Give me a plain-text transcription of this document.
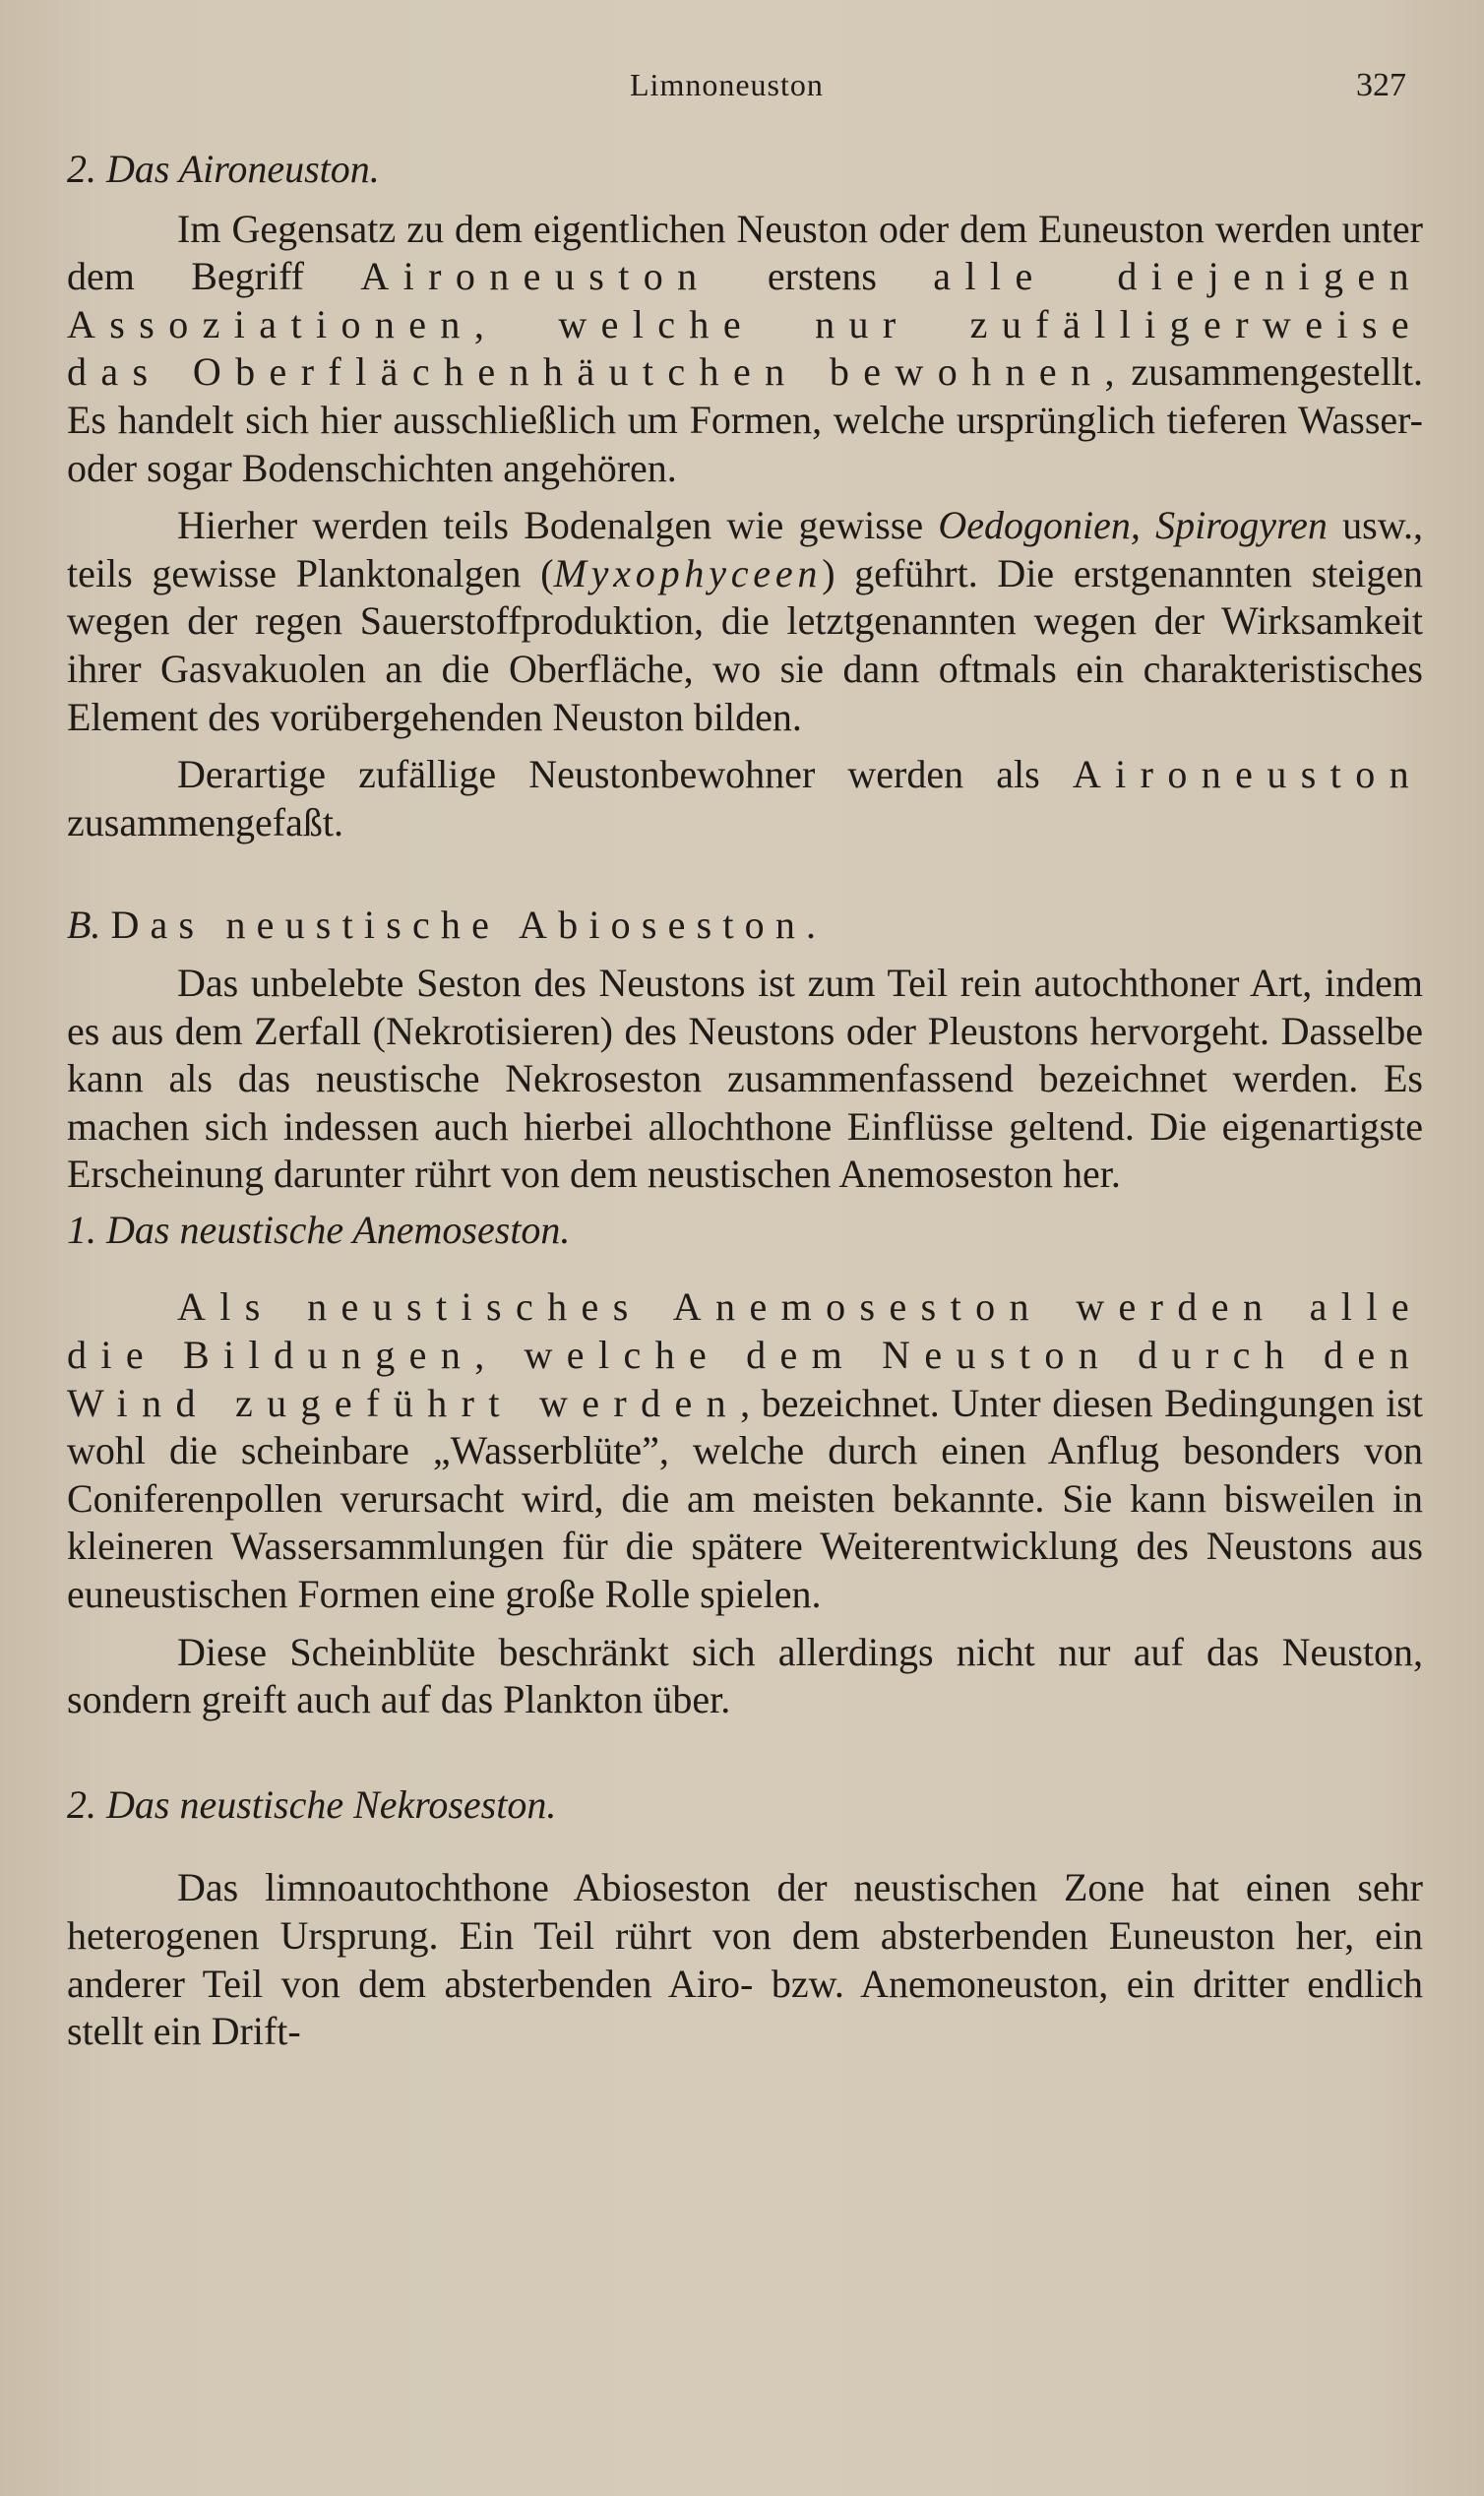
Limnoneuston	327

2. Das Aironeuston.

Im Gegensatz zu dem eigentlichen Neuston oder dem Euneuston werden unter dem Begriff Aironeuston erstens alle diejenigen Assoziationen, welche nur zufälligerweise das Oberflächenhäutchen bewohnen, zusammengestellt. Es handelt sich hier ausschließlich um Formen, welche ursprünglich tieferen Wasser- oder sogar Bodenschichten angehören.

Hierher werden teils Bodenalgen wie gewisse Oedogonien, Spirogyren usw., teils gewisse Planktonalgen (Myxophyceen) geführt. Die erstgenannten steigen wegen der regen Sauerstoffproduktion, die letztgenannten wegen der Wirksamkeit ihrer Gasvakuolen an die Oberfläche, wo sie dann oftmals ein charakteristisches Element des vorübergehenden Neuston bilden.

Derartige zufällige Neustonbewohner werden als Aironeuston zusammengefaßt.

B. Das neustische Abioseston.

Das unbelebte Seston des Neustons ist zum Teil rein autochthoner Art, indem es aus dem Zerfall (Nekrotisieren) des Neustons oder Pleustons hervorgeht. Dasselbe kann als das neustische Nekroseston zusammenfassend bezeichnet werden. Es machen sich indessen auch hierbei allochthone Einflüsse geltend. Die eigenartigste Erscheinung darunter rührt von dem neustischen Anemoseston her.

1. Das neustische Anemoseston.

Als neustisches Anemoseston werden alle die Bildungen, welche dem Neuston durch den Wind zugeführt werden, bezeichnet. Unter diesen Bedingungen ist wohl die scheinbare „Wasserblüte”, welche durch einen Anflug besonders von Coniferenpollen verursacht wird, die am meisten bekannte. Sie kann bisweilen in kleineren Wassersammlungen für die spätere Weiterentwicklung des Neustons aus euneustischen Formen eine große Rolle spielen.

Diese Scheinblüte beschränkt sich allerdings nicht nur auf das Neuston, sondern greift auch auf das Plankton über.

2. Das neustische Nekroseston.

Das limnoautochthone Abioseston der neustischen Zone hat einen sehr heterogenen Ursprung. Ein Teil rührt von dem absterbenden Euneuston her, ein anderer Teil von dem absterbenden Airo- bzw. Anemoneuston, ein dritter endlich stellt ein Drift-
